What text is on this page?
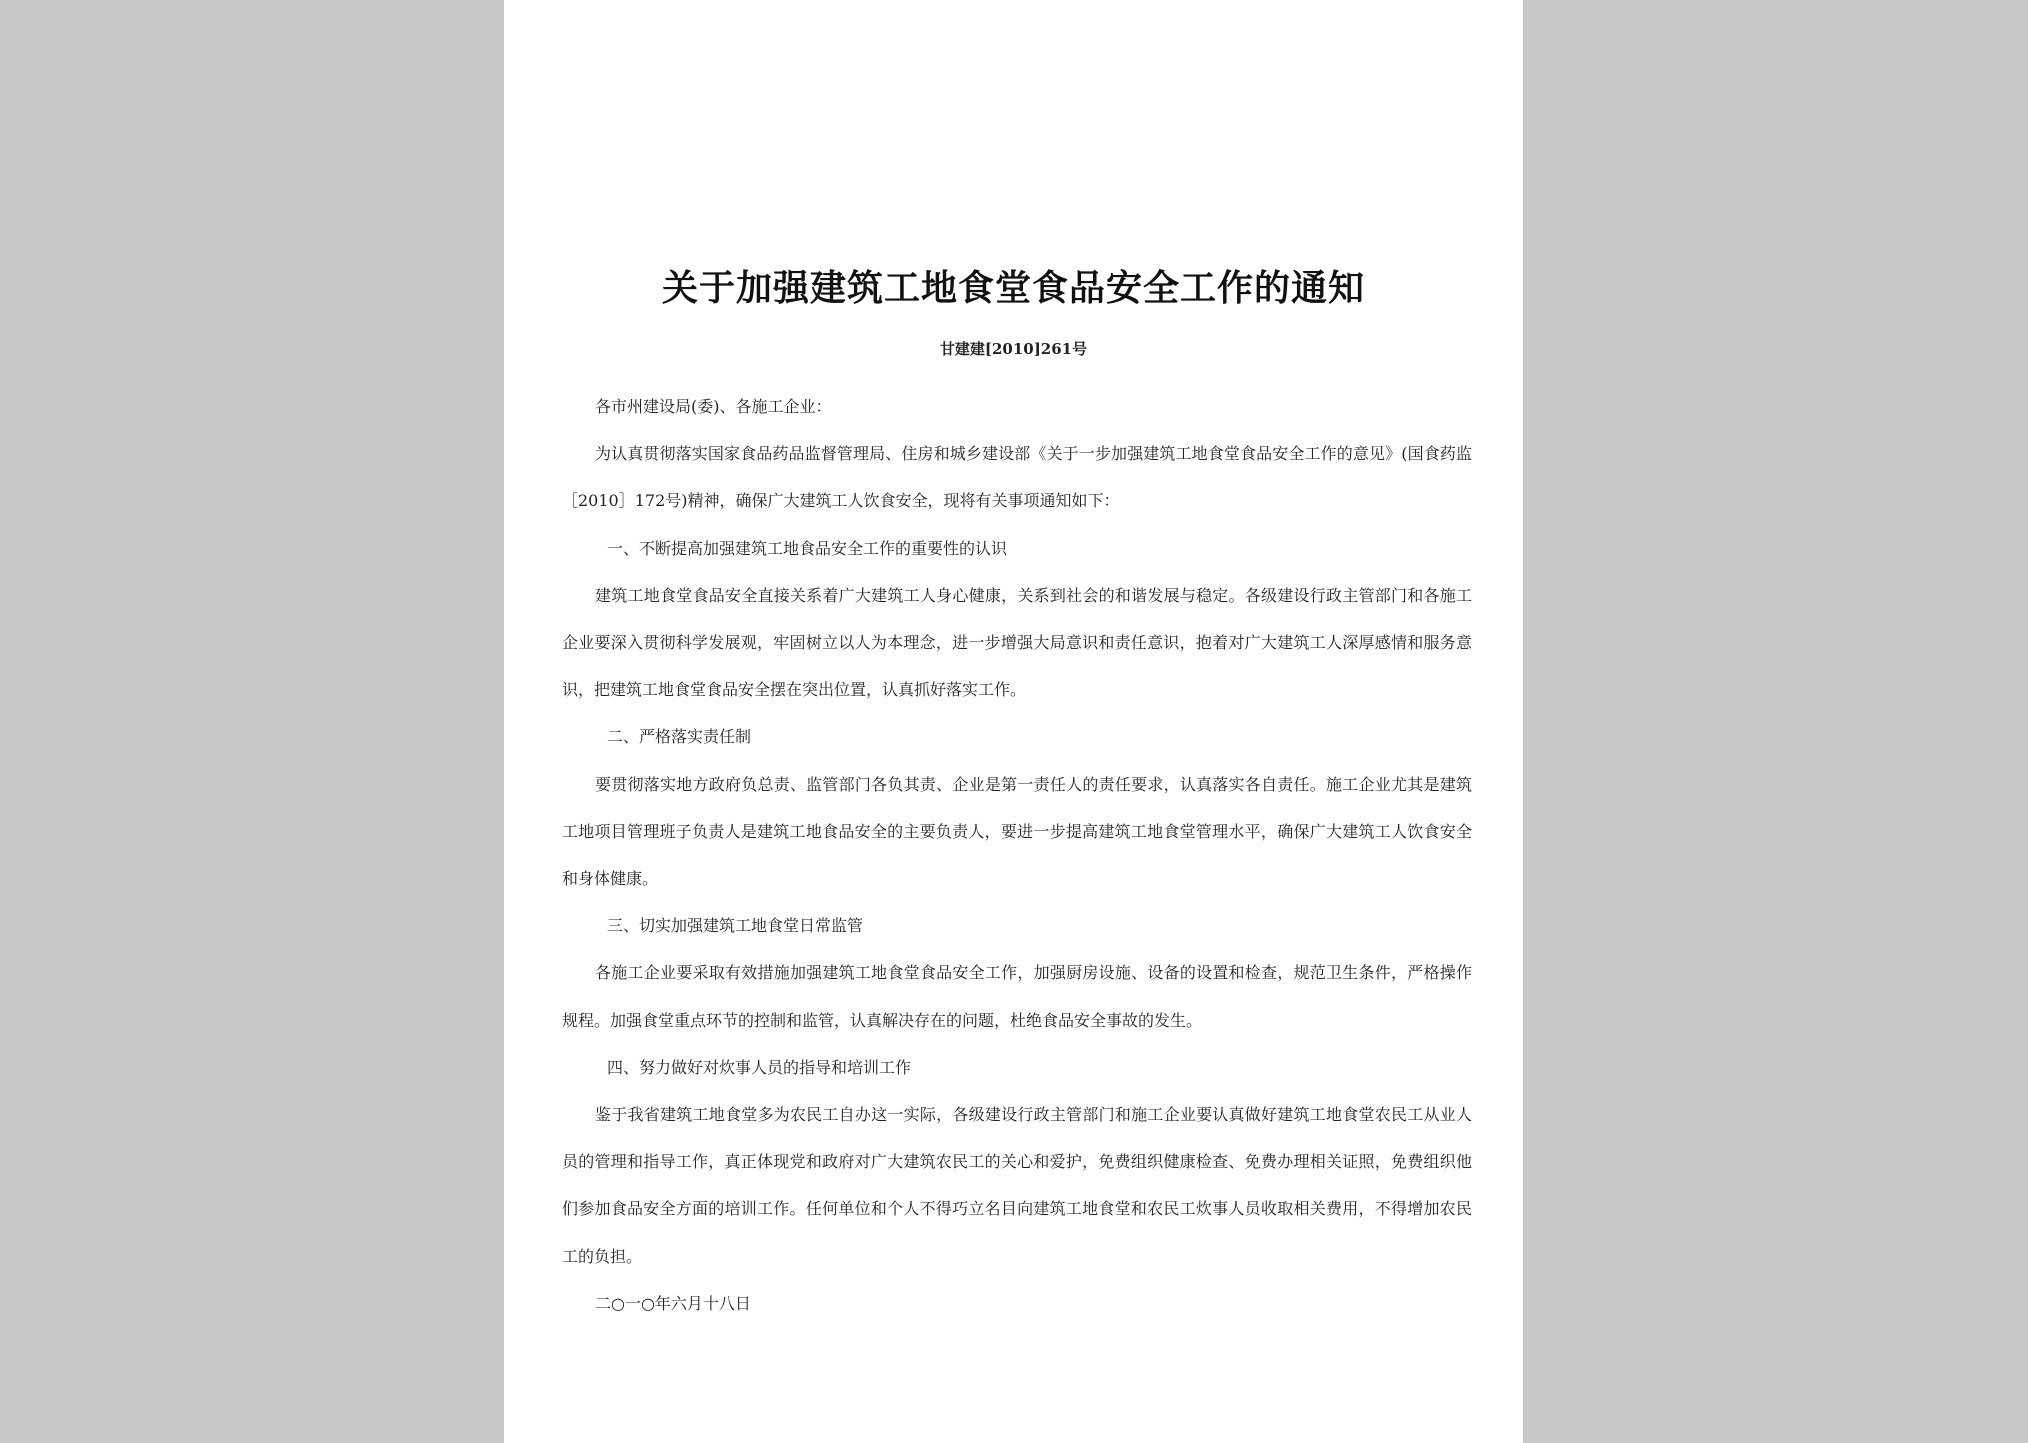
关于加强建筑工地食堂食品安全工作的通知
甘建建[2010]261号

各市州建设局(委)、各施工企业：

为认真贯彻落实国家食品药品监督管理局、住房和城乡建设部《关于一步加强建筑工地食堂食品安全工作的意见》(国食药监［2010］172号)精神，确保广大建筑工人饮食安全，现将有关事项通知如下：

一、不断提高加强建筑工地食品安全工作的重要性的认识

建筑工地食堂食品安全直接关系着广大建筑工人身心健康，关系到社会的和谐发展与稳定。各级建设行政主管部门和各施工企业要深入贯彻科学发展观，牢固树立以人为本理念，进一步增强大局意识和责任意识，抱着对广大建筑工人深厚感情和服务意识，把建筑工地食堂食品安全摆在突出位置，认真抓好落实工作。

二、严格落实责任制

要贯彻落实地方政府负总责、监管部门各负其责、企业是第一责任人的责任要求，认真落实各自责任。施工企业尤其是建筑工地项目管理班子负责人是建筑工地食品安全的主要负责人，要进一步提高建筑工地食堂管理水平，确保广大建筑工人饮食安全和身体健康。

三、切实加强建筑工地食堂日常监管

各施工企业要采取有效措施加强建筑工地食堂食品安全工作，加强厨房设施、设备的设置和检查，规范卫生条件，严格操作规程。加强食堂重点环节的控制和监管，认真解决存在的问题，杜绝食品安全事故的发生。

四、努力做好对炊事人员的指导和培训工作

鉴于我省建筑工地食堂多为农民工自办这一实际，各级建设行政主管部门和施工企业要认真做好建筑工地食堂农民工从业人员的管理和指导工作，真正体现党和政府对广大建筑农民工的关心和爱护，免费组织健康检查、免费办理相关证照，免费组织他们参加食品安全方面的培训工作。任何单位和个人不得巧立名目向建筑工地食堂和农民工炊事人员收取相关费用，不得增加农民工的负担。

二○一○年六月十八日
